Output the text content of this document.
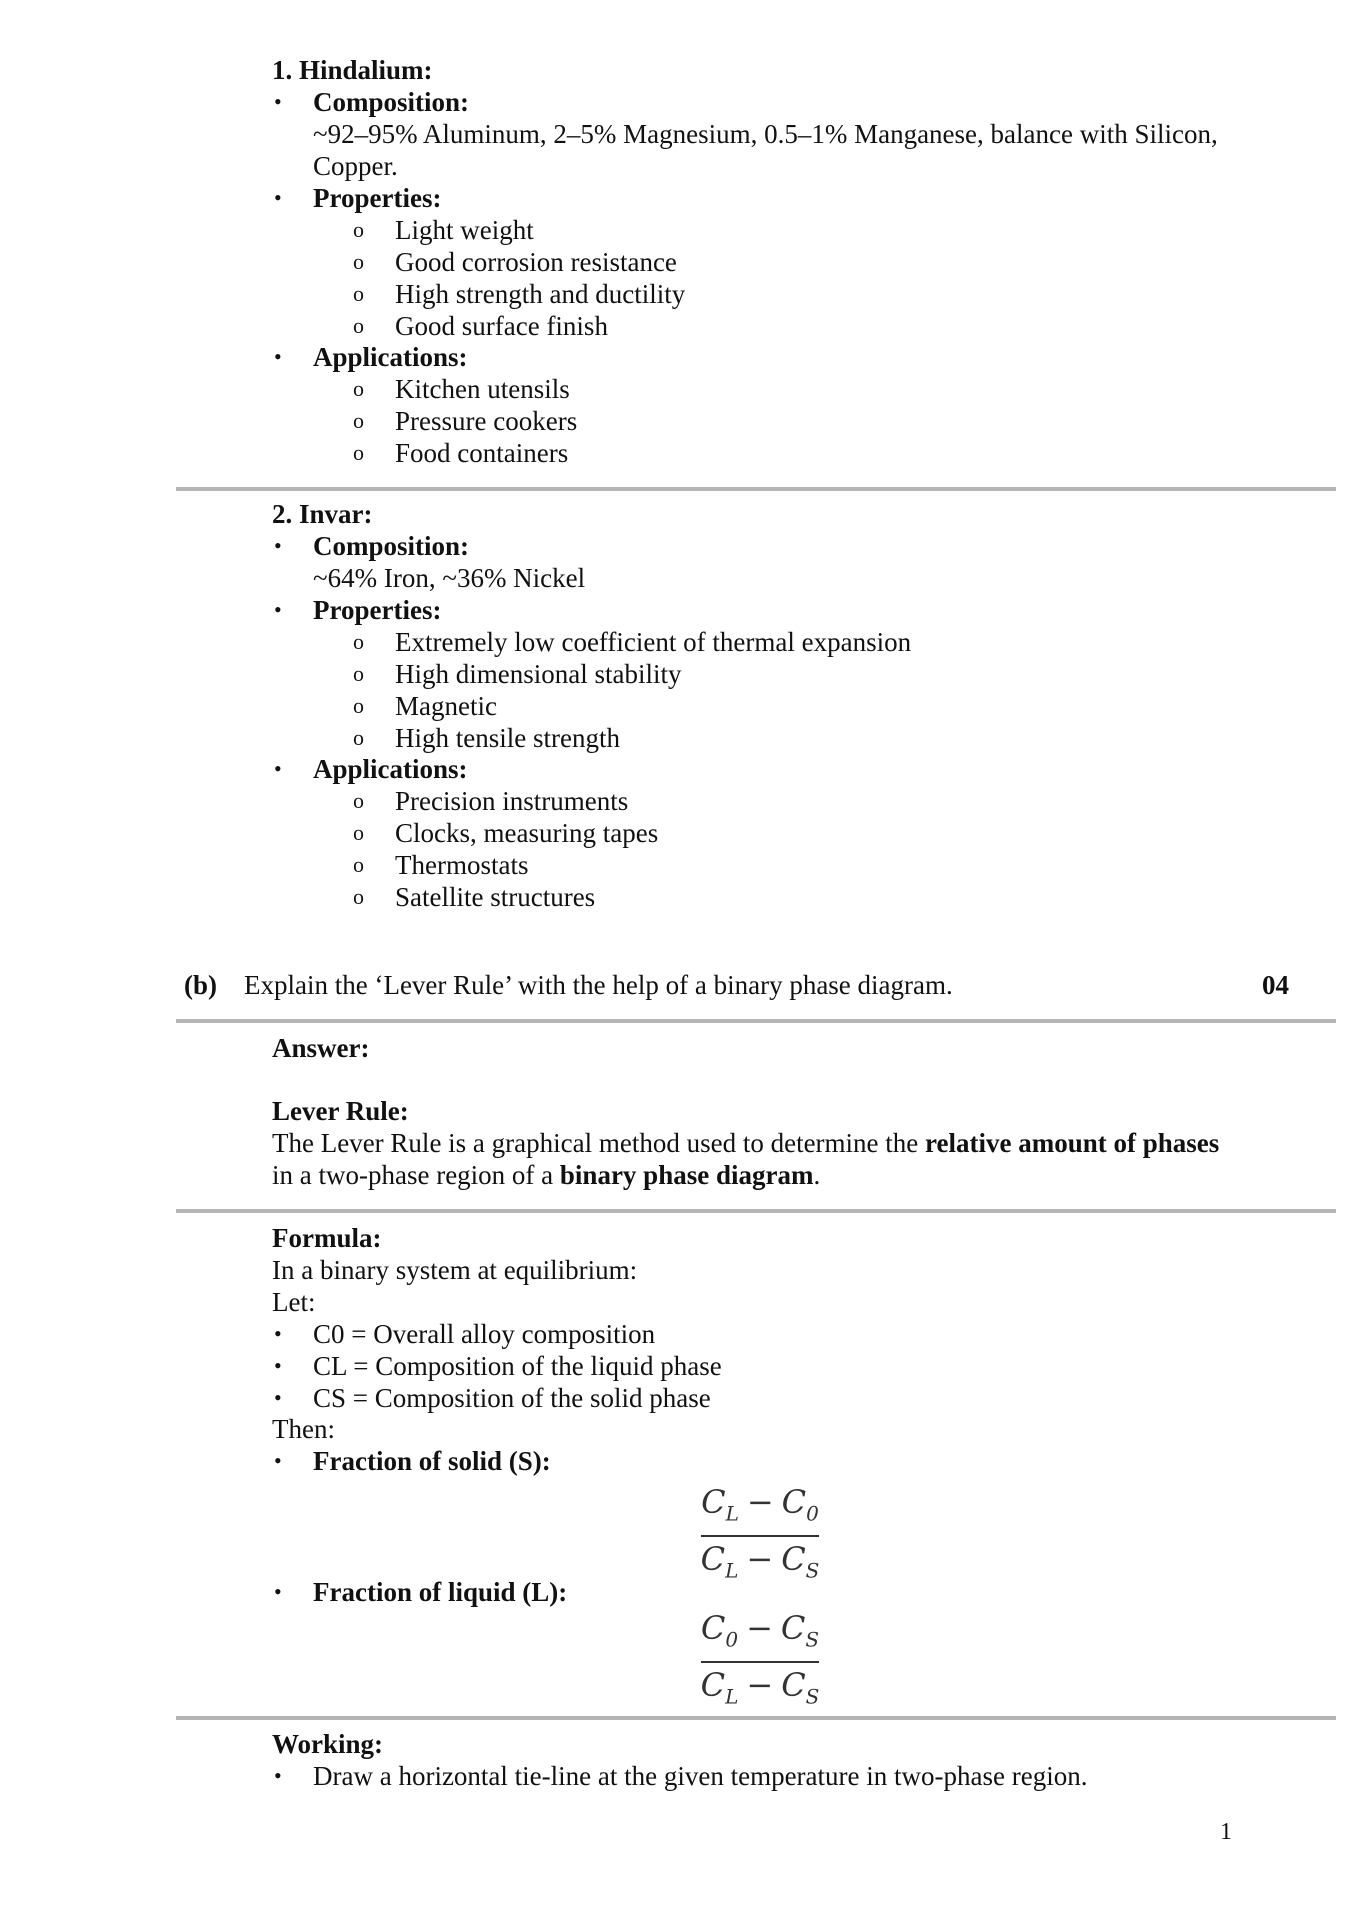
1. Hindalium:
• Composition:
~92–95% Aluminum, 2–5% Magnesium, 0.5–1% Manganese, balance with Silicon,
Copper.
• Properties:
o Light weight
o Good corrosion resistance
o High strength and ductility
o Good surface finish
• Applications:
o Kitchen utensils
o Pressure cookers
o Food containers
2. Invar:
• Composition:
~64% Iron, ~36% Nickel
• Properties:
o Extremely low coefficient of thermal expansion
o High dimensional stability
o Magnetic
o High tensile strength
• Applications:
o Precision instruments
o Clocks, measuring tapes
o Thermostats
o Satellite structures
(b) Explain the ‘Lever Rule’ with the help of a binary phase diagram.	04
Answer:
Lever Rule:
The Lever Rule is a graphical method used to determine the relative amount of phases
in a two-phase region of a binary phase diagram.
Formula:
In a binary system at equilibrium:
Let:
• C0 = Overall alloy composition
• CL = Composition of the liquid phase
• CS = Composition of the solid phase
Then:
• Fraction of solid (S):
$C_L - C_0$
$C_L - C_S$
• Fraction of liquid (L):
$C_0 - C_S$
$C_L - C_S$
Working:
• Draw a horizontal tie-line at the given temperature in two-phase region.
1
